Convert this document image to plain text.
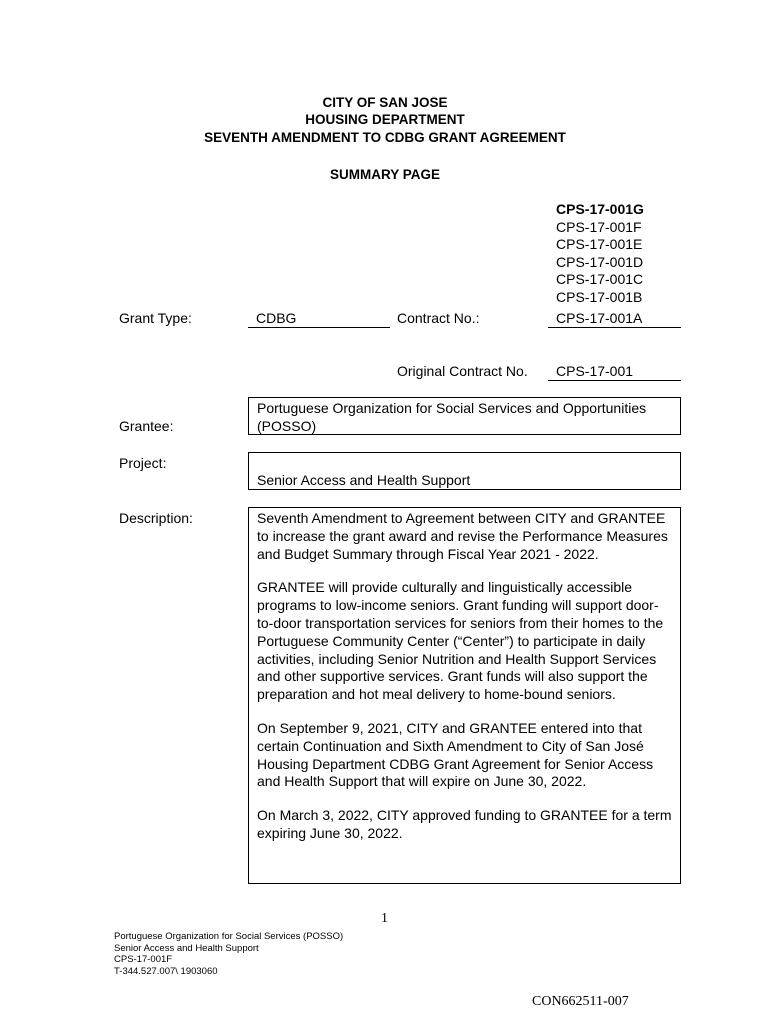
CITY OF SAN JOSE
HOUSING DEPARTMENT
SEVENTH AMENDMENT TO CDBG GRANT AGREEMENT
SUMMARY PAGE
CPS-17-001G
CPS-17-001F
CPS-17-001E
CPS-17-001D
CPS-17-001C
CPS-17-001B
Grant Type:	CDBG	Contract No.:	CPS-17-001A
Original Contract No.	CPS-17-001
Grantee:
Portuguese Organization for Social Services and Opportunities (POSSO)
Project:
Senior Access and Health Support
Description:	Seventh Amendment to Agreement between CITY and GRANTEE to increase the grant award and revise the Performance Measures and Budget Summary through Fiscal Year 2021 - 2022.

GRANTEE will provide culturally and linguistically accessible programs to low-income seniors. Grant funding will support door-to-door transportation services for seniors from their homes to the Portuguese Community Center (“Center”) to participate in daily activities, including Senior Nutrition and Health Support Services and other supportive services. Grant funds will also support the preparation and hot meal delivery to home-bound seniors.

On September 9, 2021, CITY and GRANTEE entered into that certain Continuation and Sixth Amendment to City of San José Housing Department CDBG Grant Agreement for Senior Access and Health Support that will expire on June 30, 2022.

On March 3, 2022, CITY approved funding to GRANTEE for a term expiring June 30, 2022.

1
Portuguese Organization for Social Services (POSSO)
Senior Access and Health Support
CPS-17-001F
T-344.527.007\ 1903060
CON662511-007
